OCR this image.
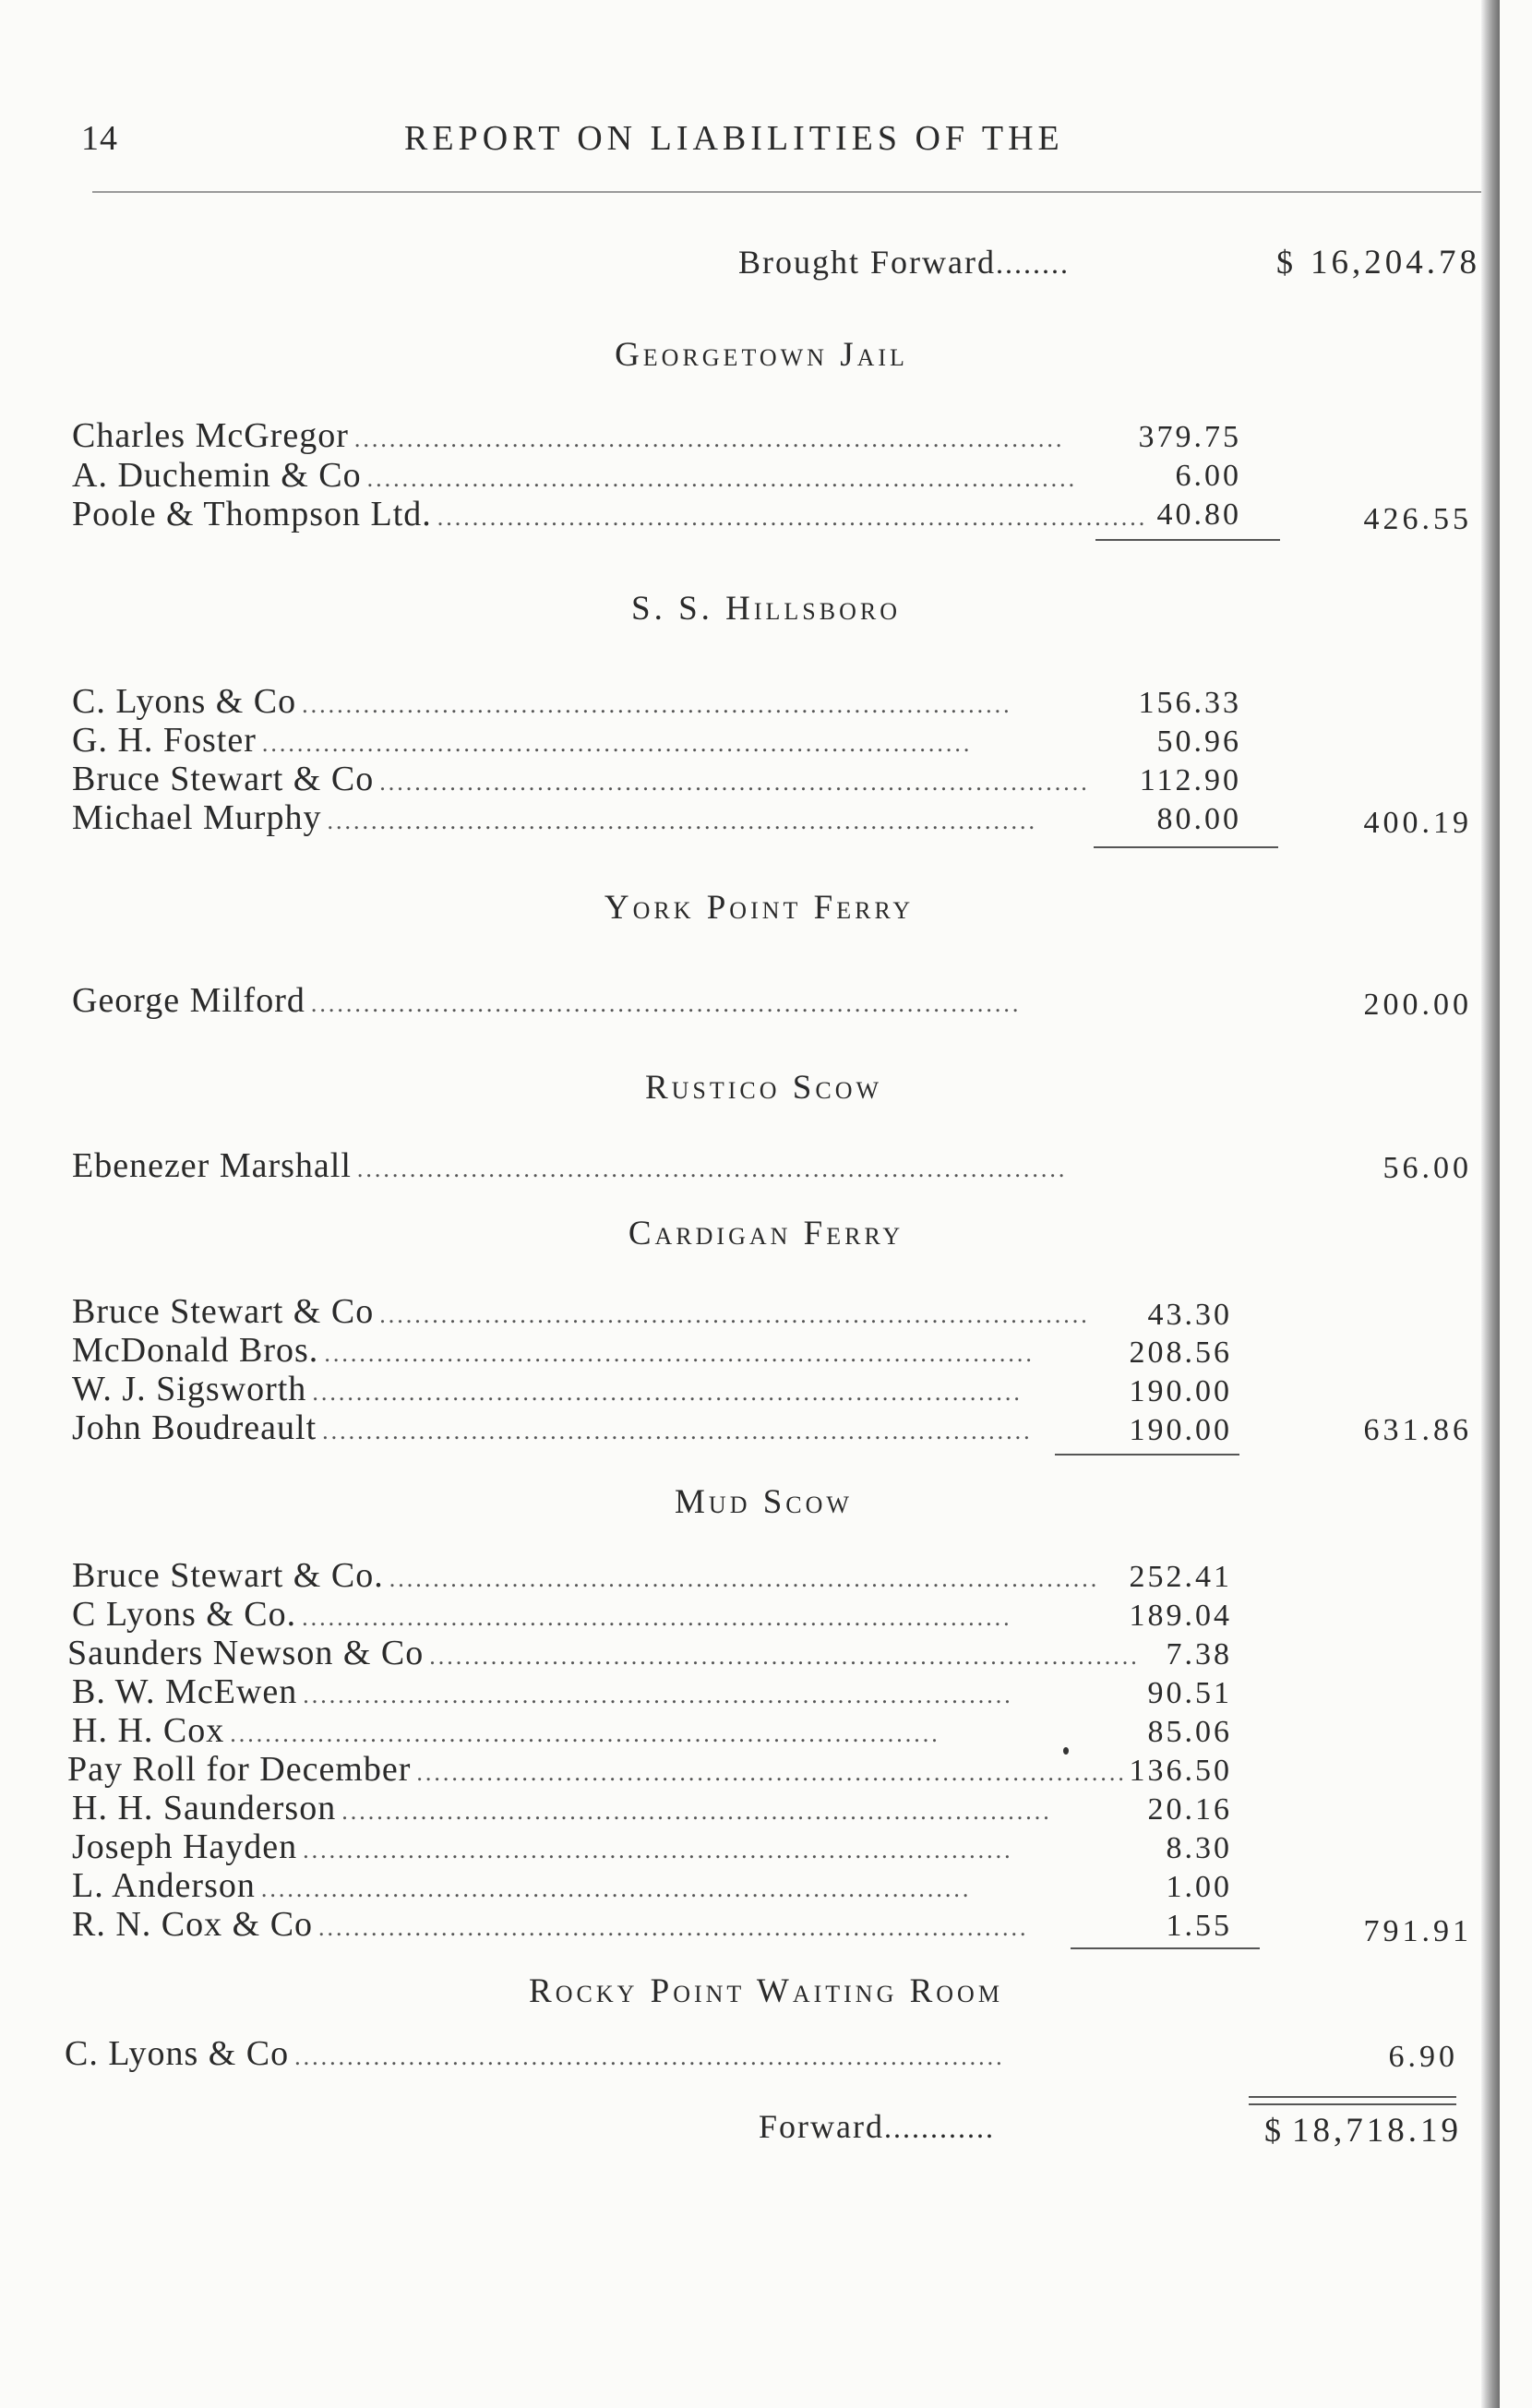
14	REPORT ON LIABILITIES OF THE
Brought Forward........	$ 16,204.78
Georgetown Jail
Charles McGregor .................................................................................	379.75
A. Duchemin & Co .................................................................................	6.00
Poole & Thompson Ltd. ................................................................................. 40.80	426.55
S. S. Hillsboro
C. Lyons & Co .................................................................................	156.33
G. H. Foster .................................................................................	50.96
Bruce Stewart & Co .................................................................................	112.90
Michael Murphy .................................................................................	80.00	400.19
York Point Ferry
George Milford .................................................................................	200.00
Rustico Scow
Ebenezer Marshall .................................................................................	56.00
Cardigan Ferry
Bruce Stewart & Co .................................................................................	43.30
McDonald Bros. .................................................................................	208.56
W. J. Sigsworth .................................................................................	190.00
John Boudreault .................................................................................	190.00	631.86
Mud Scow
Bruce Stewart & Co. ................................................................................. 252.41
C Lyons & Co. .................................................................................	189.04
Saunders Newson & Co ................................................................................. 7.38
B. W. McEwen .................................................................................	90.51
H. H. Cox .................................................................................	85.06
Pay Roll for December ................................................................................. 136.50
H. H. Saunderson .................................................................................	20.16
Joseph Hayden .................................................................................	8.30
L. Anderson .................................................................................	1.00
R. N. Cox & Co .................................................................................	1.55	791.91
Rocky Point Waiting Room
C. Lyons & Co .................................................................................	6.90
Forward............	$ 18,718.19
